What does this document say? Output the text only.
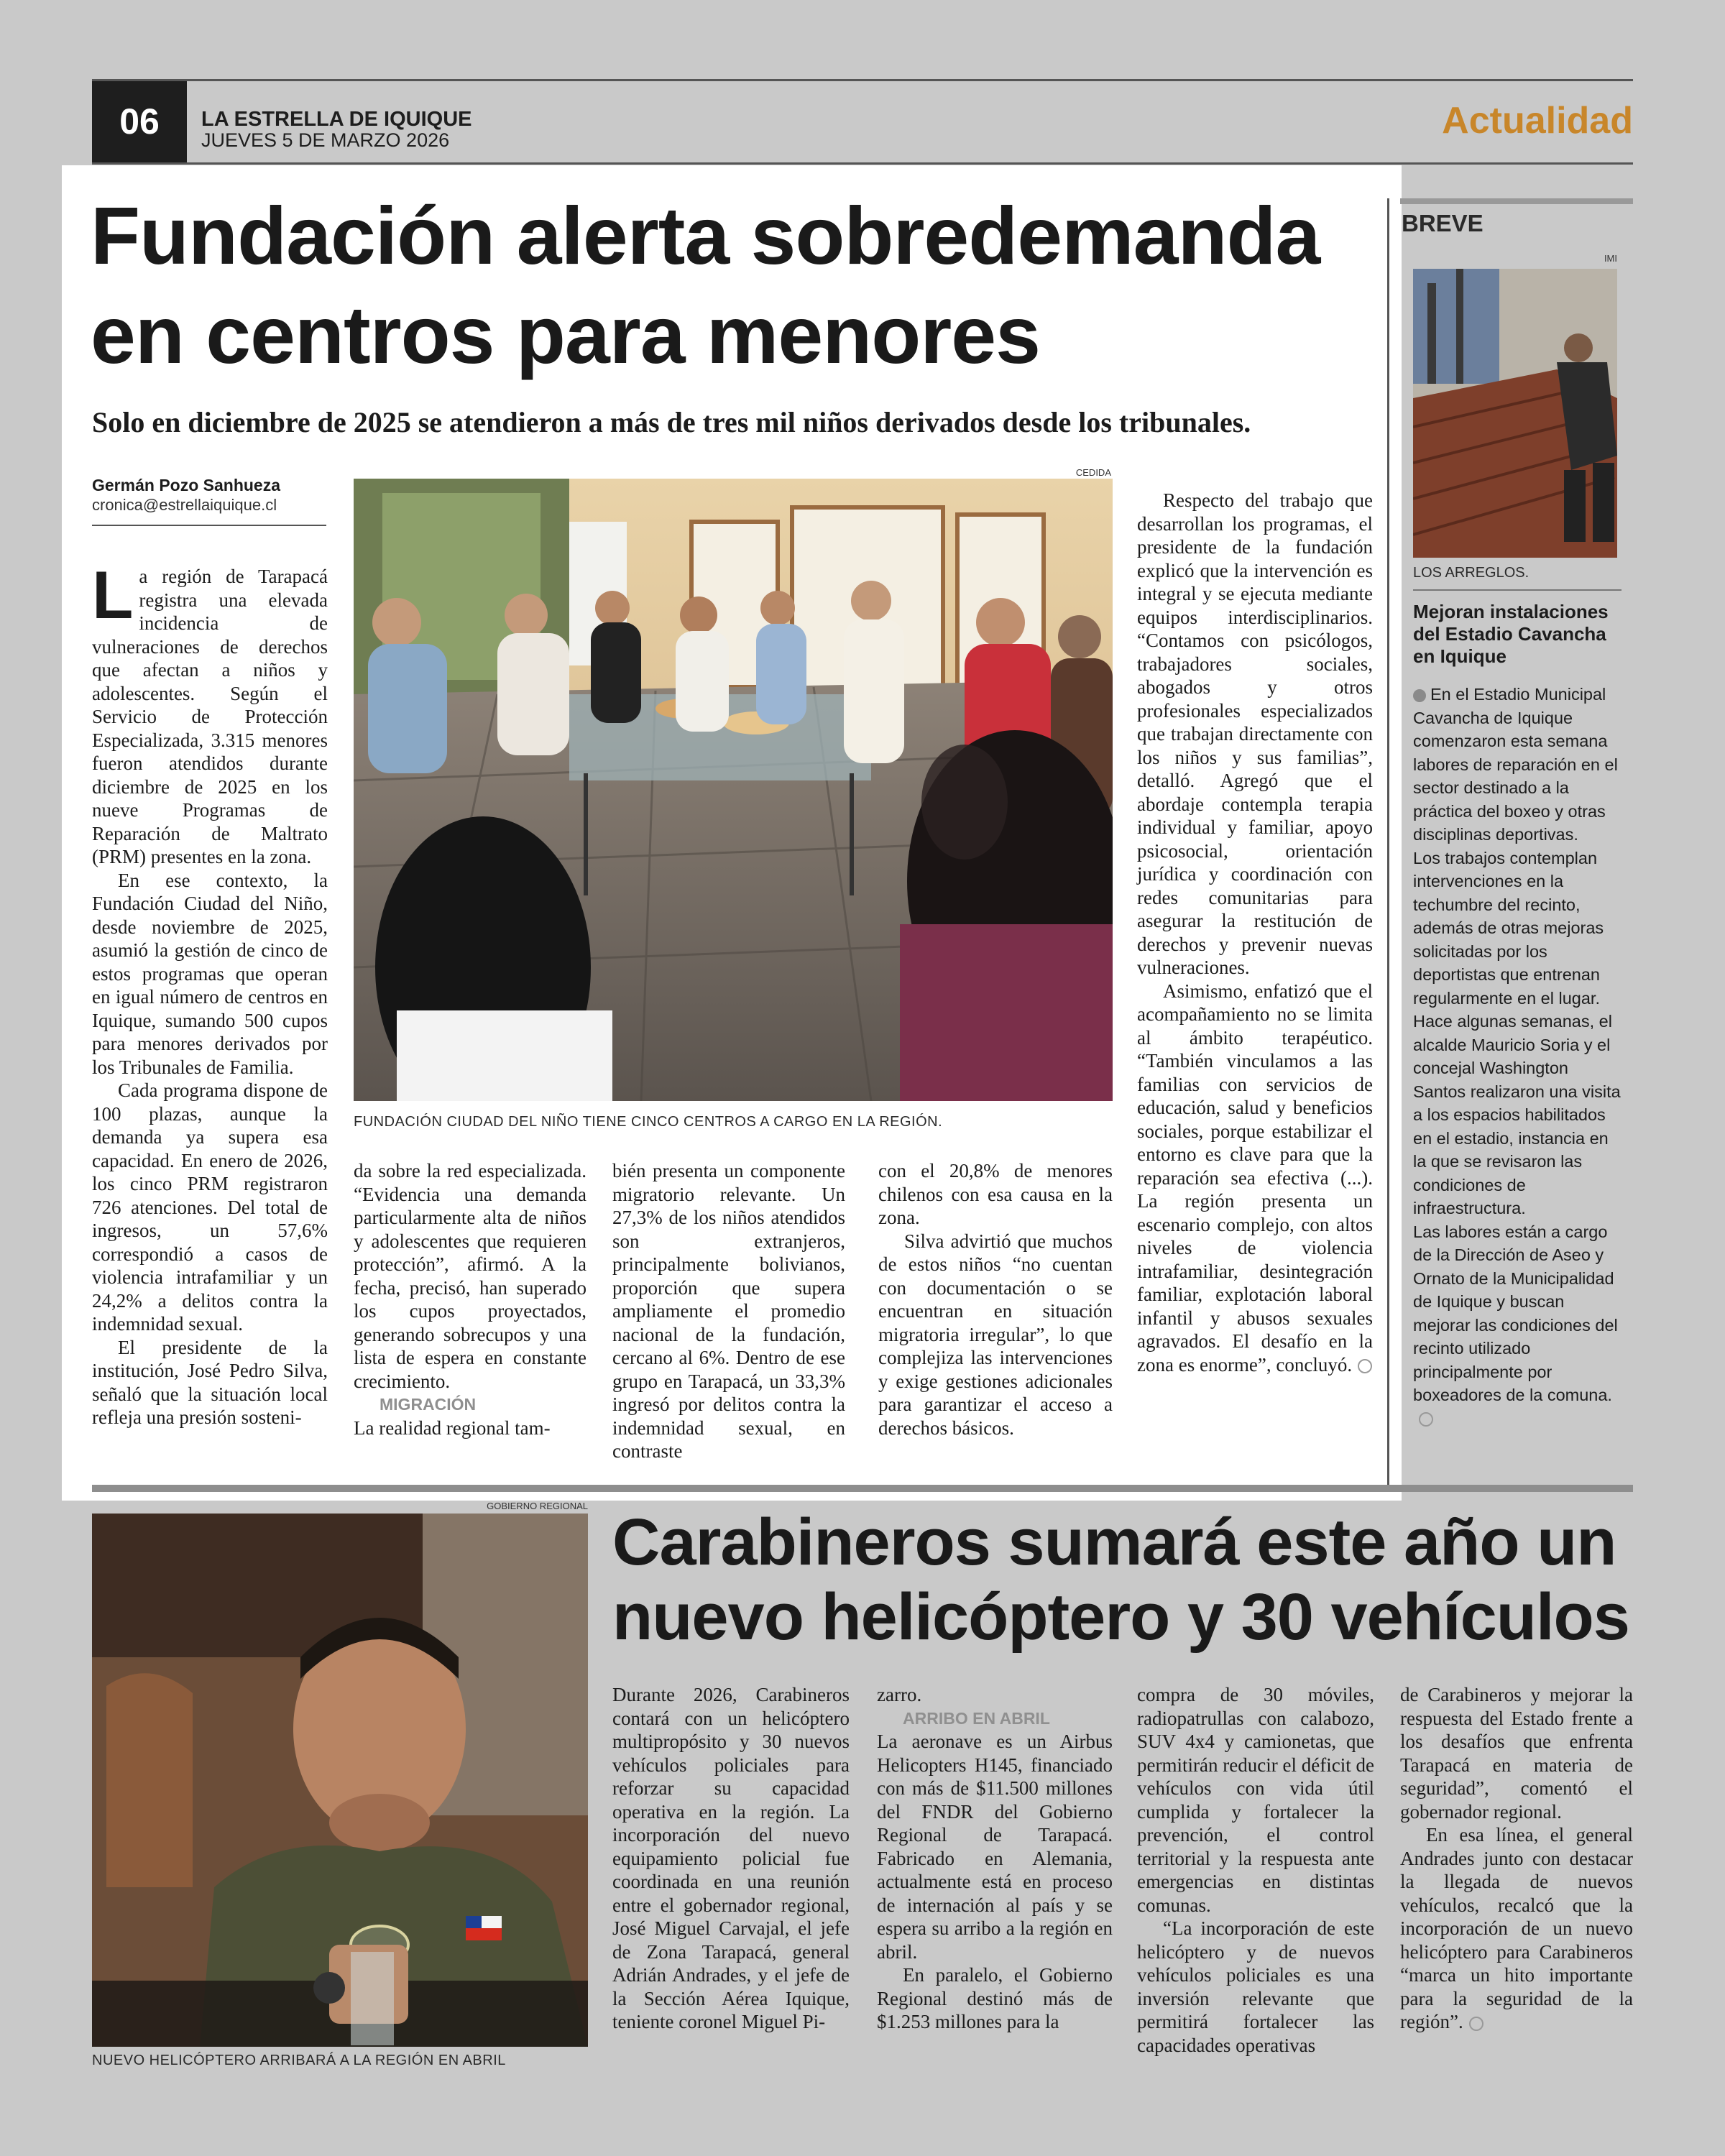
06	LA ESTRELLA DE IQUIQUE
JUEVES 5 DE MARZO 2026	Actualidad
Fundación alerta sobredemanda
en centros para menores
Solo en diciembre de 2025 se atendieron a más de tres mil niños derivados desde los tribunales.
Germán Pozo Sanhueza
cronica@estrellaiquique.cl
CEDIDA
FUNDACIÓN CIUDAD DEL NIÑO TIENE CINCO CENTROS A CARGO EN LA REGIÓN.

La región de Tarapacá registra una elevada incidencia de vulneraciones de derechos que afectan a niños y adolescentes. Según el Servicio de Protección Especializada, 3.315 menores fueron atendidos durante diciembre de 2025 en los nueve Programas de Reparación de Maltrato (PRM) presentes en la zona.

En ese contexto, la Fundación Ciudad del Niño, desde noviembre de 2025, asumió la gestión de cinco de estos programas que operan en igual número de centros en Iquique, sumando 500 cupos para menores derivados por los Tribunales de Familia.

Cada programa dispone de 100 plazas, aunque la demanda ya supera esa capacidad. En enero de 2026, los cinco PRM registraron 726 atenciones. Del total de ingresos, un 57,6% correspondió a casos de violencia intrafamiliar y un 24,2% a delitos contra la indemnidad sexual.

El presidente de la institución, José Pedro Silva, señaló que la situación local refleja una presión sosteni-

da sobre la red especializada. “Evidencia una demanda particularmente alta de niños y adolescentes que requieren protección”, afirmó. A la fecha, precisó, han superado los cupos proyectados, generando sobrecupos y una lista de espera en constante crecimiento.

MIGRACIÓN

La realidad regional tam-

bién presenta un componente migratorio relevante. Un 27,3% de los niños atendidos son extranjeros, principalmente bolivianos, proporción que supera ampliamente el promedio nacional de la fundación, cercano al 6%. Dentro de ese grupo en Tarapacá, un 33,3% ingresó por delitos contra la indemnidad sexual, en contraste

con el 20,8% de menores chilenos con esa causa en la zona.

Silva advirtió que muchos de estos niños “no cuentan con documentación o se encuentran en situación migratoria irregular”, lo que complejiza las intervenciones y exige gestiones adicionales para garantizar el acceso a derechos básicos.

Respecto del trabajo que desarrollan los programas, el presidente de la fundación explicó que la intervención es integral y se ejecuta mediante equipos interdisciplinarios. “Contamos con psicólogos, trabajadores sociales, abogados y otros profesionales especializados que trabajan directamente con los niños y sus familias”, detalló. Agregó que el abordaje contempla terapia individual y familiar, apoyo psicosocial, orientación jurídica y coordinación con redes comunitarias para asegurar la restitución de derechos y prevenir nuevas vulneraciones.

Asimismo, enfatizó que el acompañamiento no se limita al ámbito terapéutico. “También vinculamos a las familias con servicios de educación, salud y beneficios sociales, porque estabilizar el entorno es clave para que la reparación sea efectiva (...). La región presenta un escenario complejo, con altos niveles de violencia intrafamiliar, desintegración familiar, explotación laboral infantil y abusos sexuales agravados. El desafío en la zona es enorme”, concluyó.

BREVE
IMI
LOS ARREGLOS.
Mejoran instalaciones del Estadio Cavancha en Iquique

En el Estadio Municipal Cavancha de Iquique comenzaron esta semana labores de reparación en el sector destinado a la práctica del boxeo y otras disciplinas deportivas.

Los trabajos contemplan intervenciones en la techumbre del recinto, además de otras mejoras solicitadas por los deportistas que entrenan regularmente en el lugar.

Hace algunas semanas, el alcalde Mauricio Soria y el concejal Washington Santos realizaron una visita a los espacios habilitados en el estadio, instancia en la que se revisaron las condiciones de infraestructura.

Las labores están a cargo de la Dirección de Aseo y Ornato de la Municipalidad de Iquique y buscan mejorar las condiciones del recinto utilizado principalmente por boxeadores de la comuna.

GOBIERNO REGIONAL
NUEVO HELICÓPTERO ARRIBARÁ A LA REGIÓN EN ABRIL
Carabineros sumará este año un
nuevo helicóptero y 30 vehículos

Durante 2026, Carabineros contará con un helicóptero multipropósito y 30 nuevos vehículos policiales para reforzar su capacidad operativa en la región. La incorporación del nuevo equipamiento policial fue coordinada en una reunión entre el gobernador regional, José Miguel Carvajal, el jefe de Zona Tarapacá, general Adrián Andrades, y el jefe de la Sección Aérea Iquique, teniente coronel Miguel Pi-

zarro.

ARRIBO EN ABRIL

La aeronave es un Airbus Helicopters H145, financiado con más de $11.500 millones del FNDR del Gobierno Regional de Tarapacá. Fabricado en Alemania, actualmente está en proceso de internación al país y se espera su arribo a la región en abril.

En paralelo, el Gobierno Regional destinó más de $1.253 millones para la

compra de 30 móviles, radiopatrullas con calabozo, SUV 4x4 y camionetas, que permitirán reducir el déficit de vehículos con vida útil cumplida y fortalecer la prevención, el control territorial y la respuesta ante emergencias en distintas comunas.

“La incorporación de este helicóptero y de nuevos vehículos policiales es una inversión relevante que permitirá fortalecer las capacidades operativas

de Carabineros y mejorar la respuesta del Estado frente a los desafíos que enfrenta Tarapacá en materia de seguridad”, comentó el gobernador regional.

En esa línea, el general Andrades junto con destacar la llegada de nuevos vehículos, recalcó que la incorporación de un nuevo helicóptero para Carabineros “marca un hito importante para la seguridad de la región”.
